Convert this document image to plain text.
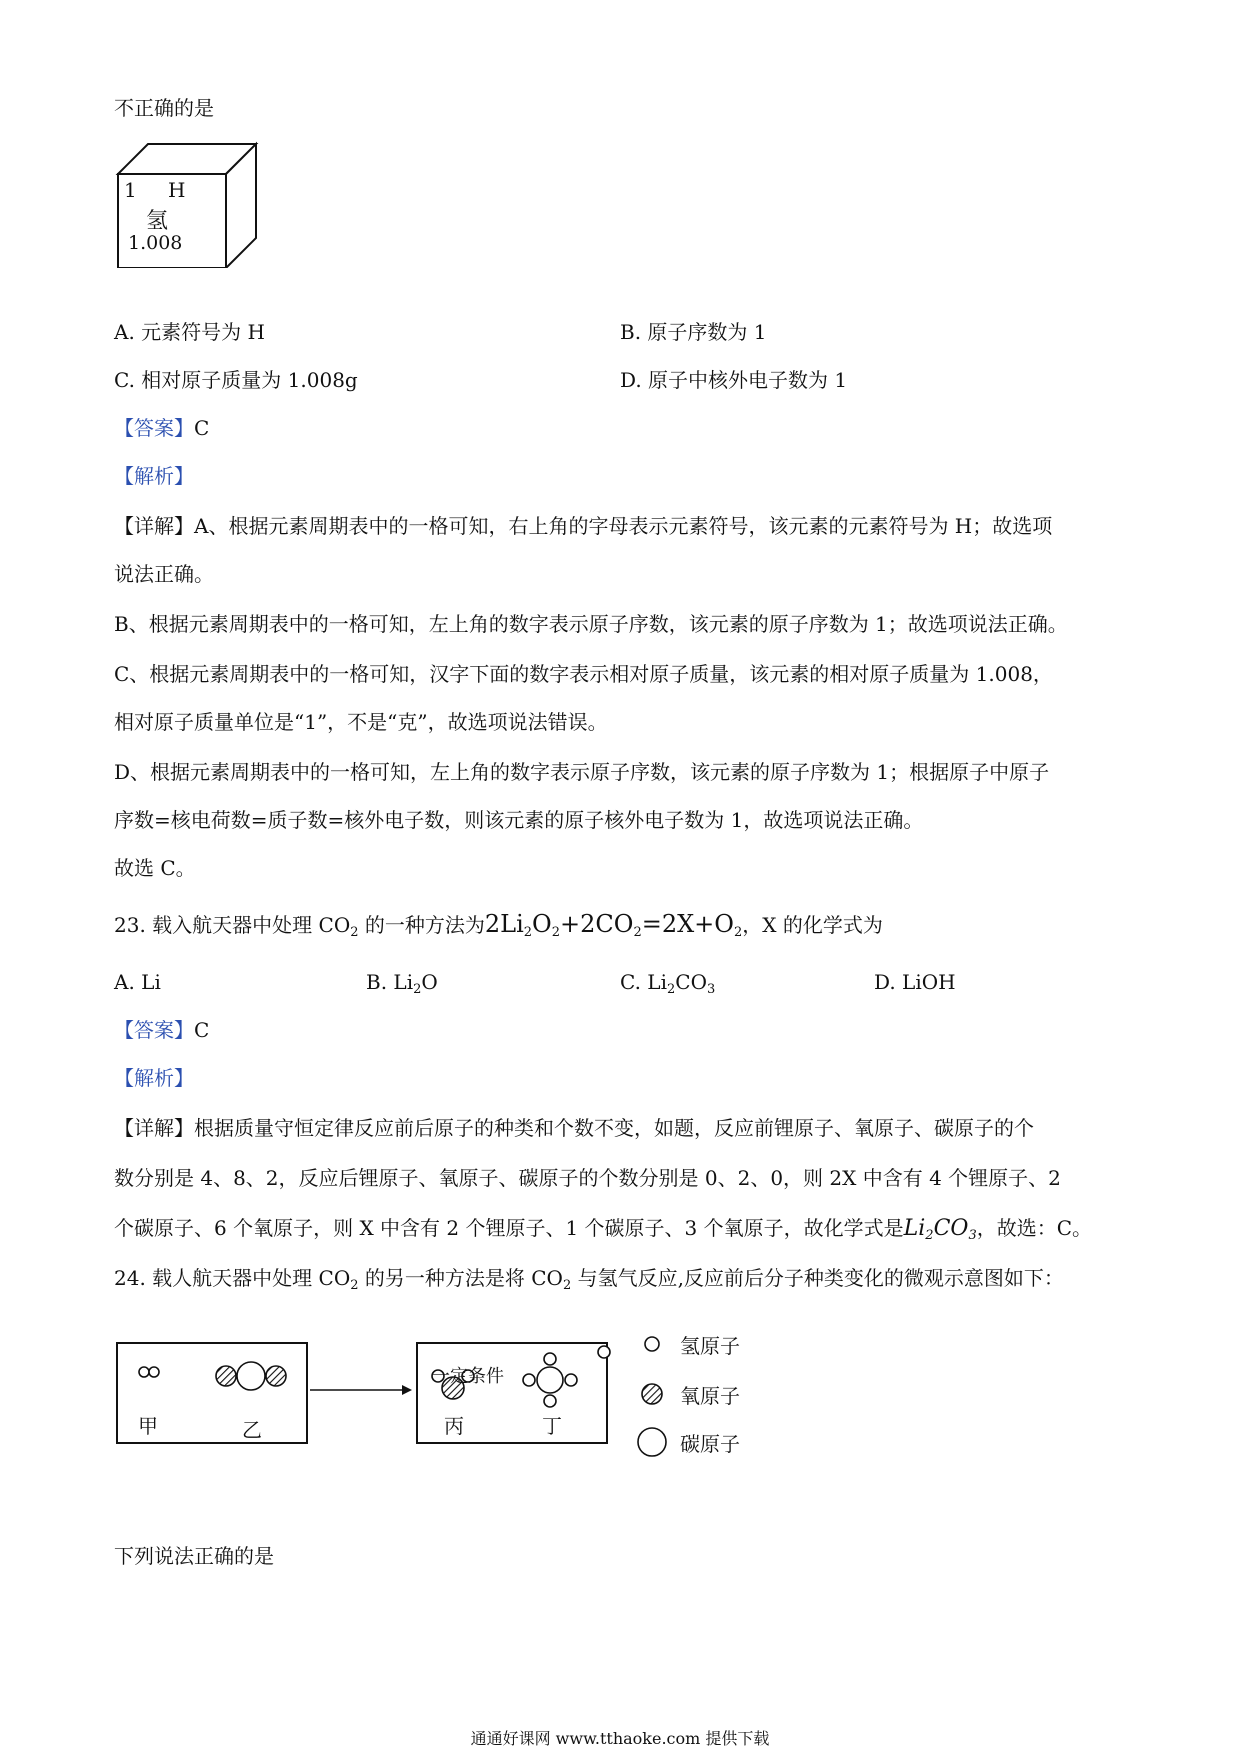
不正确的是
1 H
氢
1.008
A. 元素符号为 H	B. 原子序数为 1
C. 相对原子质量为 1.008g	D. 原子中核外电子数为 1
【答案】C
【解析】
【详解】A、根据元素周期表中的一格可知，右上角的字母表示元素符号，该元素的元素符号为 H；故选项
说法正确。
B、根据元素周期表中的一格可知，左上角的数字表示原子序数，该元素的原子序数为 1；故选项说法正确。
C、根据元素周期表中的一格可知，汉字下面的数字表示相对原子质量，该元素的相对原子质量为 1.008，
相对原子质量单位是“1”，不是“克”，故选项说法错误。
D、根据元素周期表中的一格可知，左上角的数字表示原子序数，该元素的原子序数为 1；根据原子中原子
序数=核电荷数=质子数=核外电子数，则该元素的原子核外电子数为 1，故选项说法正确。
故选 C。
23. 载入航天器中处理 $CO_2$ 的一种方法为$2Li_2O_2+2CO_2=2X+O_2$，X 的化学式为
A. Li	B. $Li_2O$	C. $Li_2CO_3$	D. LiOH
【答案】C
【解析】
【详解】根据质量守恒定律反应前后原子的种类和个数不变，如题，反应前锂原子、氧原子、碳原子的个
数分别是 4、8、2，反应后锂原子、氧原子、碳原子的个数分别是 0、2、0，则 2X 中含有 4 个锂原子、2
个碳原子、6 个氧原子，则 X 中含有 2 个锂原子、1 个碳原子、3 个氧原子，故化学式是$Li_2CO_3$，故选：C。
24. 载人航天器中处理 $CO_2$ 的另一种方法是将 $CO_2$ 与氢气反应,反应前后分子种类变化的微观示意图如下：
一定条件
甲	乙	丙	丁
氢原子
氧原子
碳原子
下列说法正确的是
通通好课网 www.tthaoke.com 提供下载
